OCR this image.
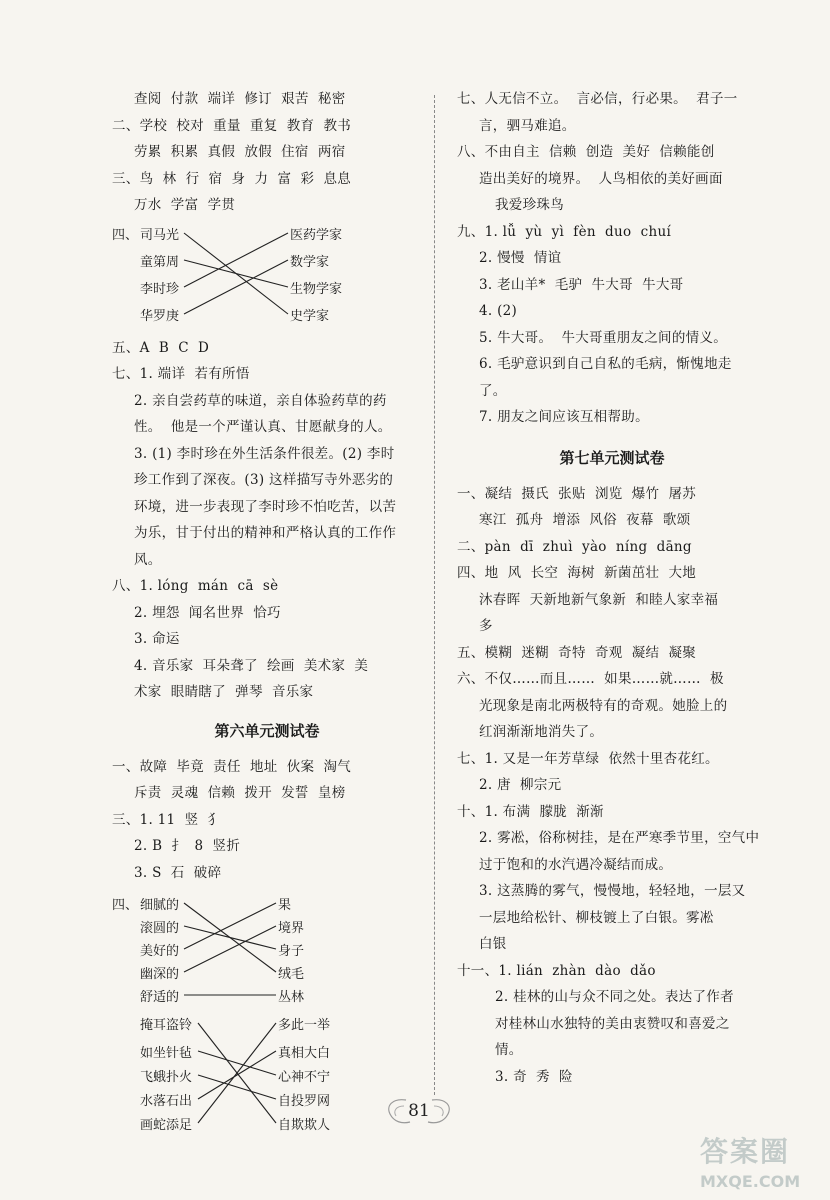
查阅  付款  端详  修订  艰苦  秘密
二、学校  校对  重量  重复  教育  教书
劳累  积累  真假  放假  住宿  两宿
三、鸟  林  行  宿  身  力  富  彩  息息
万水  学富  学贯
四、 司马光
童第周
李时珍
华罗庚
医药学家
数学家
生物学家
史学家
五、A  B  C  D
七、1. 端详  若有所悟
2. 亲自尝药草的味道，亲自体验药草的药
性。  他是一个严谨认真、甘愿献身的人。
3. (1) 李时珍在外生活条件很差。(2) 李时
珍工作到了深夜。(3) 这样描写寺外恶劣的
环境，进一步表现了李时珍不怕吃苦，以苦
为乐，甘于付出的精神和严格认真的工作作
风。
八、1. lóng  mán  cā  sè
2. 埋怨  闻名世界  恰巧
3. 命运
4. 音乐家  耳朵聋了  绘画  美术家  美
术家  眼睛瞎了  弹琴  音乐家
第六单元测试卷
一、故障  毕竟  责任  地址  伙案  淘气
斥责  灵魂  信赖  拨开  发誓  皇榜
三、1. 11  竖  犭
2. B  扌  8  竖折
3. S  石  破碎
四、 细腻的
滚圆的
美好的
幽深的
舒适的
果
境界
身子
绒毛
丛林
掩耳盗铃
如坐针毡
飞蛾扑火
水落石出
画蛇添足
多此一举
真相大白
心神不宁
自投罗网
自欺欺人
七、人无信不立。  言必信，行必果。  君子一
言，驷马难追。
八、不由自主  信赖  创造  美好  信赖能创
造出美好的境界。  人鸟相依的美好画面
我爱珍珠鸟
九、1. lǚ  yù  yì  fèn  duo  chuí
2. 慢慢  情谊
3. 老山羊*  毛驴  牛大哥  牛大哥
4. (2)
5. 牛大哥。  牛大哥重朋友之间的情义。
6. 毛驴意识到自己自私的毛病，惭愧地走
了。
7. 朋友之间应该互相帮助。
第七单元测试卷
一、凝结  摄氏  张贴  浏览  爆竹  屠苏
寒江  孤舟  增添  风俗  夜幕  歌颂
二、pàn  dī  zhuì  yào  níng  dāng
四、地  风  长空  海树  新菌茁壮  大地
沐春晖  天新地新气象新  和睦人家幸福
多
五、模糊  迷糊  奇特  奇观  凝结  凝聚
六、不仅……而且……  如果……就……  极
光现象是南北两极特有的奇观。她脸上的
红润渐渐地消失了。
七、1. 又是一年芳草绿  依然十里杏花红。
2. 唐  柳宗元
十、1. 布满  朦胧  渐渐
2. 雾凇，俗称树挂，是在严寒季节里，空气中
过于饱和的水汽遇冷凝结而成。
3. 这蒸腾的雾气，慢慢地，轻轻地，一层又
一层地给松针、柳枝镀上了白银。雾凇
白银
十一、1. lián  zhàn  dào  dǎo
2. 桂林的山与众不同之处。表达了作者
对桂林山水独特的美由衷赞叹和喜爱之
情。
3. 奇  秀  险
81
答案圈
MXQE.COM
